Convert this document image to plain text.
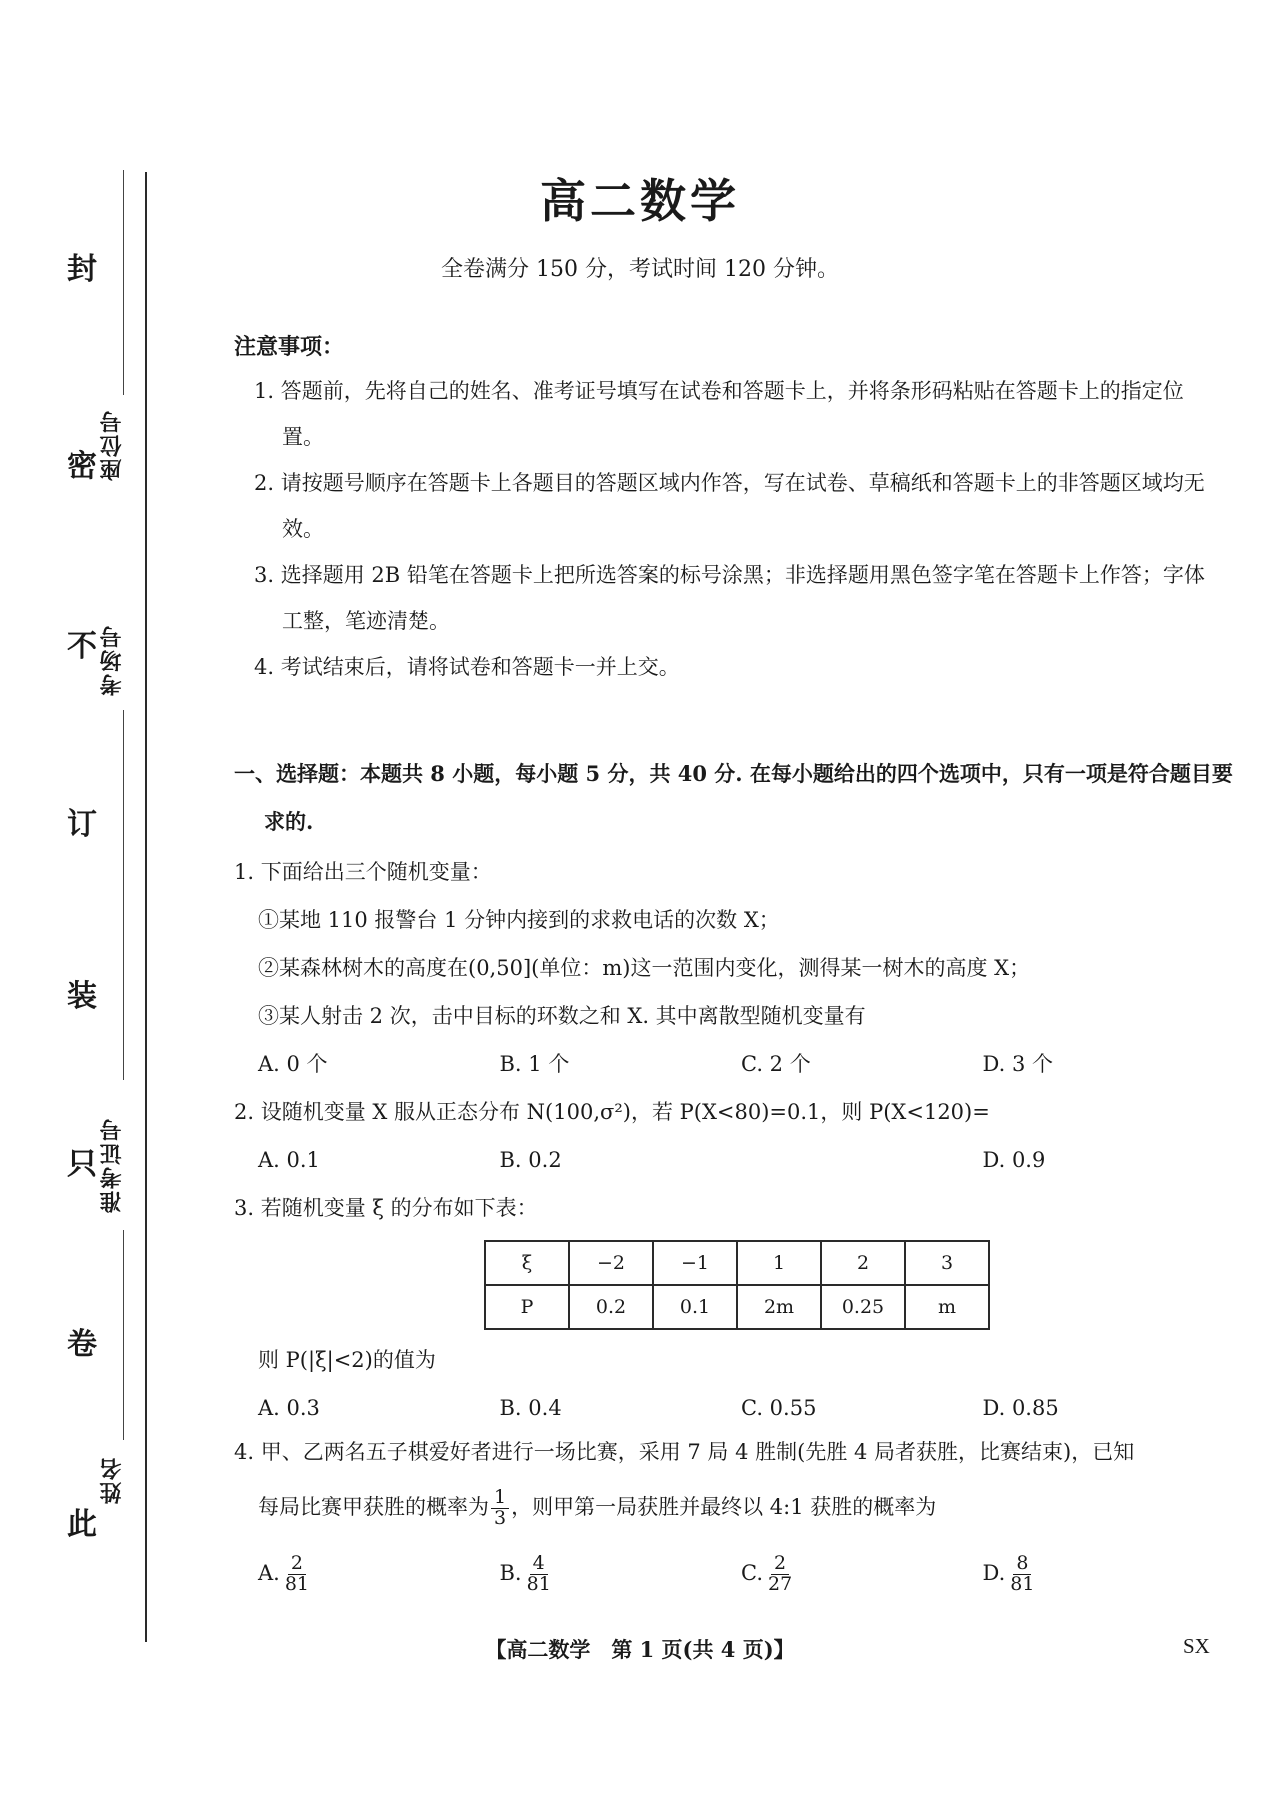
封
密
不
订
装
只
卷
此
座位号
考场号
准考证号
姓名
高二数学
全卷满分 150 分，考试时间 120 分钟。
注意事项：

1. 答题前，先将自己的姓名、准考证号填写在试卷和答题卡上，并将条形码粘贴在答题卡上的指定位置。

2. 请按题号顺序在答题卡上各题目的答题区域内作答，写在试卷、草稿纸和答题卡上的非答题区域均无效。

3. 选择题用 2B 铅笔在答题卡上把所选答案的标号涂黑；非选择题用黑色签字笔在答题卡上作答；字体工整，笔迹清楚。

4. 考试结束后，请将试卷和答题卡一并上交。

一、选择题：本题共 8 小题，每小题 5 分，共 40 分. 在每小题给出的四个选项中，只有一项是符合题目要求的.
1. 下面给出三个随机变量：
①某地 110 报警台 1 分钟内接到的求救电话的次数 X；
②某森林树木的高度在(0,50](单位：m)这一范围内变化，测得某一树木的高度 X；
③某人射击 2 次，击中目标的环数之和 X. 其中离散型随机变量有
A. 0 个	B. 1 个	C. 2 个	D. 3 个
2. 设随机变量 X 服从正态分布 N(100,σ²)，若 P(X<80)=0.1，则 P(X<120)=
A. 0.1	B. 0.2	D. 0.9
3. 若随机变量 ξ 的分布如下表：
ξ	−2	−1	1	2	3
P	0.2	0.1	2m	0.25	m
则 P(|ξ|<2)的值为
A. 0.3	B. 0.4	C. 0.55	D. 0.85
4. 甲、乙两名五子棋爱好者进行一场比赛，采用 7 局 4 胜制(先胜 4 局者获胜，比赛结束)，已知
每局比赛甲获胜的概率为 $\frac{1}{3}$ ，则甲第一局获胜并最终以 4:1 获胜的概率为
A. $\frac{2}{81}$	B. $\frac{4}{81}$	C. $\frac{2}{27}$	D. $\frac{8}{81}$
【高二数学　第 1 页(共 4 页)】	SX
